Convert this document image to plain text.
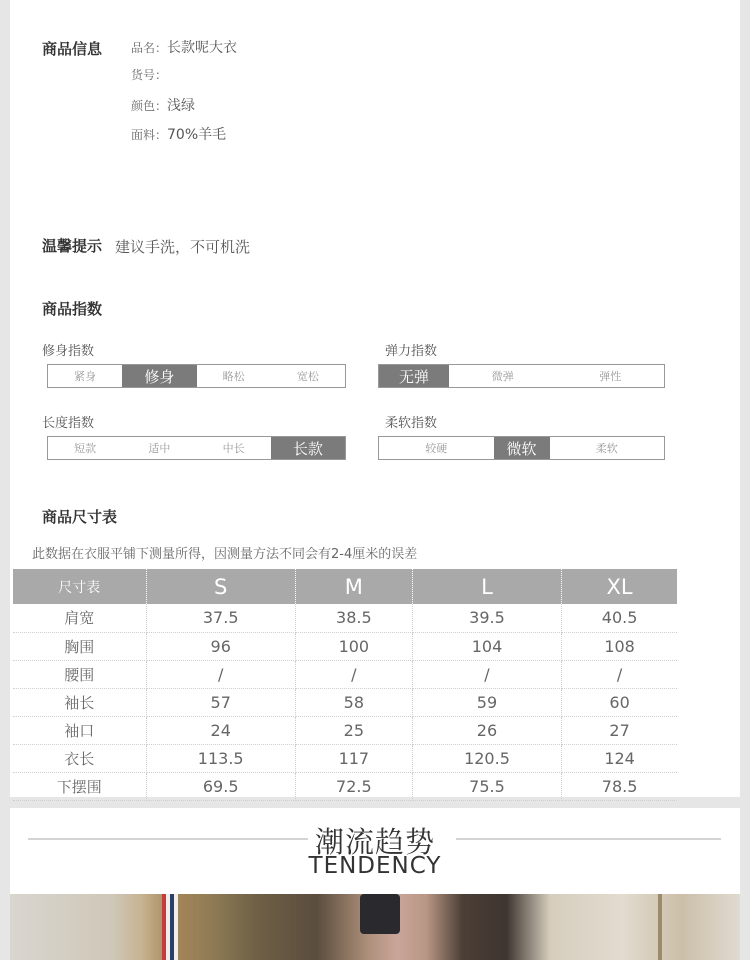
商品信息 品名：长款呢大衣
货号：
颜色：浅绿
面料：70%羊毛
温馨提示 建议手洗，不可机洗
商品指数
修身指数
紧身	修身	略松	宽松
弹力指数
无弹	微弹	弹性
长度指数
短款	适中	中长	长款
柔软指数
较硬	微软	柔软
商品尺寸表
此数据在衣服平铺下测量所得，因测量方法不同会有2-4厘米的误差
尺寸表	S	M	L	XL
肩宽	37.5	38.5	39.5	40.5
胸围	96	100	104	108
腰围	/	/	/	/
袖长	57	58	59	60
袖口	24	25	26	27
衣长	113.5	117	120.5	124
下摆围	69.5	72.5	75.5	78.5
潮流趋势
TENDENCY
